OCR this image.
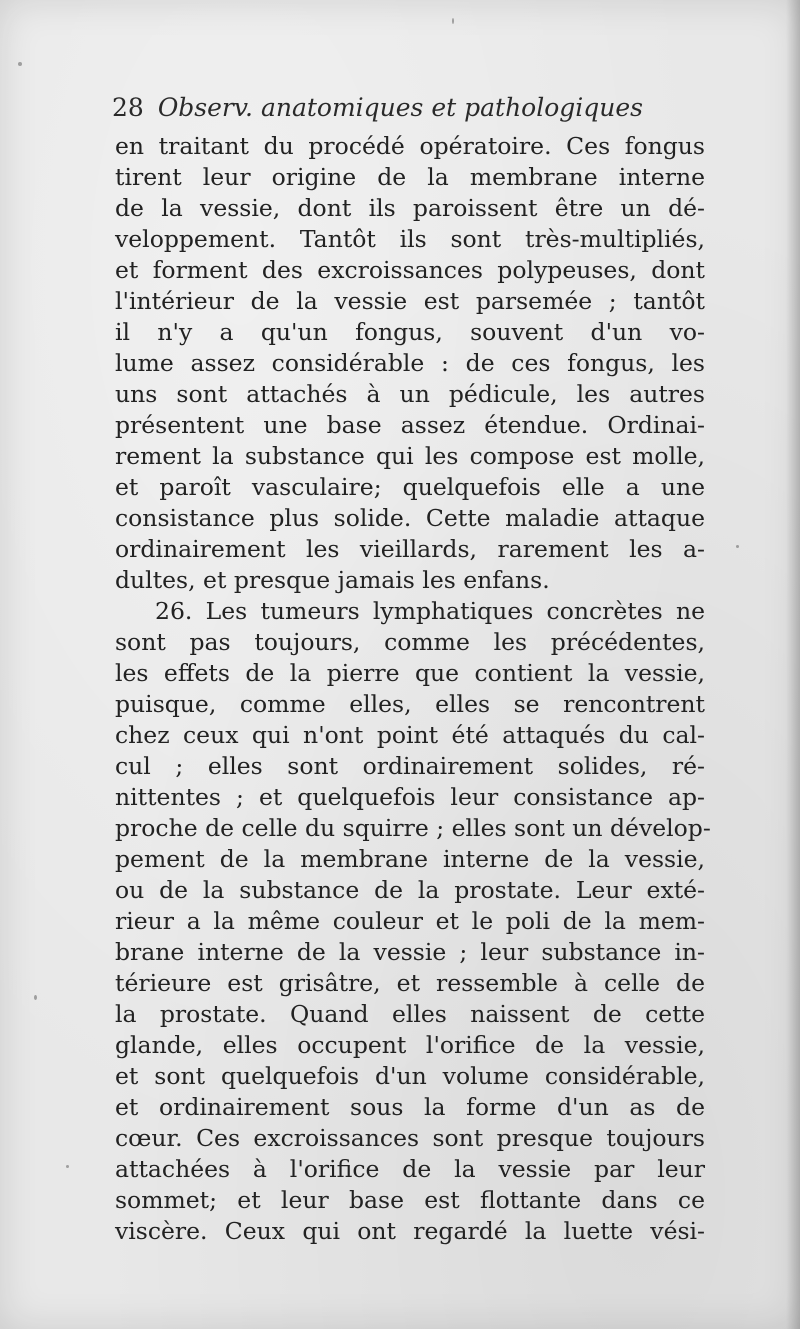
28 Observ. anatomiques et pathologiques
en traitant du procédé opératoire. Ces fongus
tirent leur origine de la membrane interne
de la vessie, dont ils paroissent être un dé-
veloppement. Tantôt ils sont très-multipliés,
et forment des excroissances polypeuses, dont
l'intérieur de la vessie est parsemée ; tantôt
il n'y a qu'un fongus, souvent d'un vo-
lume assez considérable : de ces fongus, les
uns sont attachés à un pédicule, les autres
présentent une base assez étendue. Ordinai-
rement la substance qui les compose est molle,
et paroît vasculaire; quelquefois elle a une
consistance plus solide. Cette maladie attaque
ordinairement les vieillards, rarement les a-
dultes, et presque jamais les enfans.
26. Les tumeurs lymphatiques concrètes ne
sont pas toujours, comme les précédentes,
les effets de la pierre que contient la vessie,
puisque, comme elles, elles se rencontrent
chez ceux qui n'ont point été attaqués du cal-
cul ; elles sont ordinairement solides, ré-
nittentes ; et quelquefois leur consistance ap-
proche de celle du squirre ; elles sont un dévelop-
pement de la membrane interne de la vessie,
ou de la substance de la prostate. Leur exté-
rieur a la même couleur et le poli de la mem-
brane interne de la vessie ; leur substance in-
térieure est grisâtre, et ressemble à celle de
la prostate. Quand elles naissent de cette
glande, elles occupent l'orifice de la vessie,
et sont quelquefois d'un volume considérable,
et ordinairement sous la forme d'un as de
cœur. Ces excroissances sont presque toujours
attachées à l'orifice de la vessie par leur
sommet; et leur base est flottante dans ce
viscère. Ceux qui ont regardé la luette vési-
